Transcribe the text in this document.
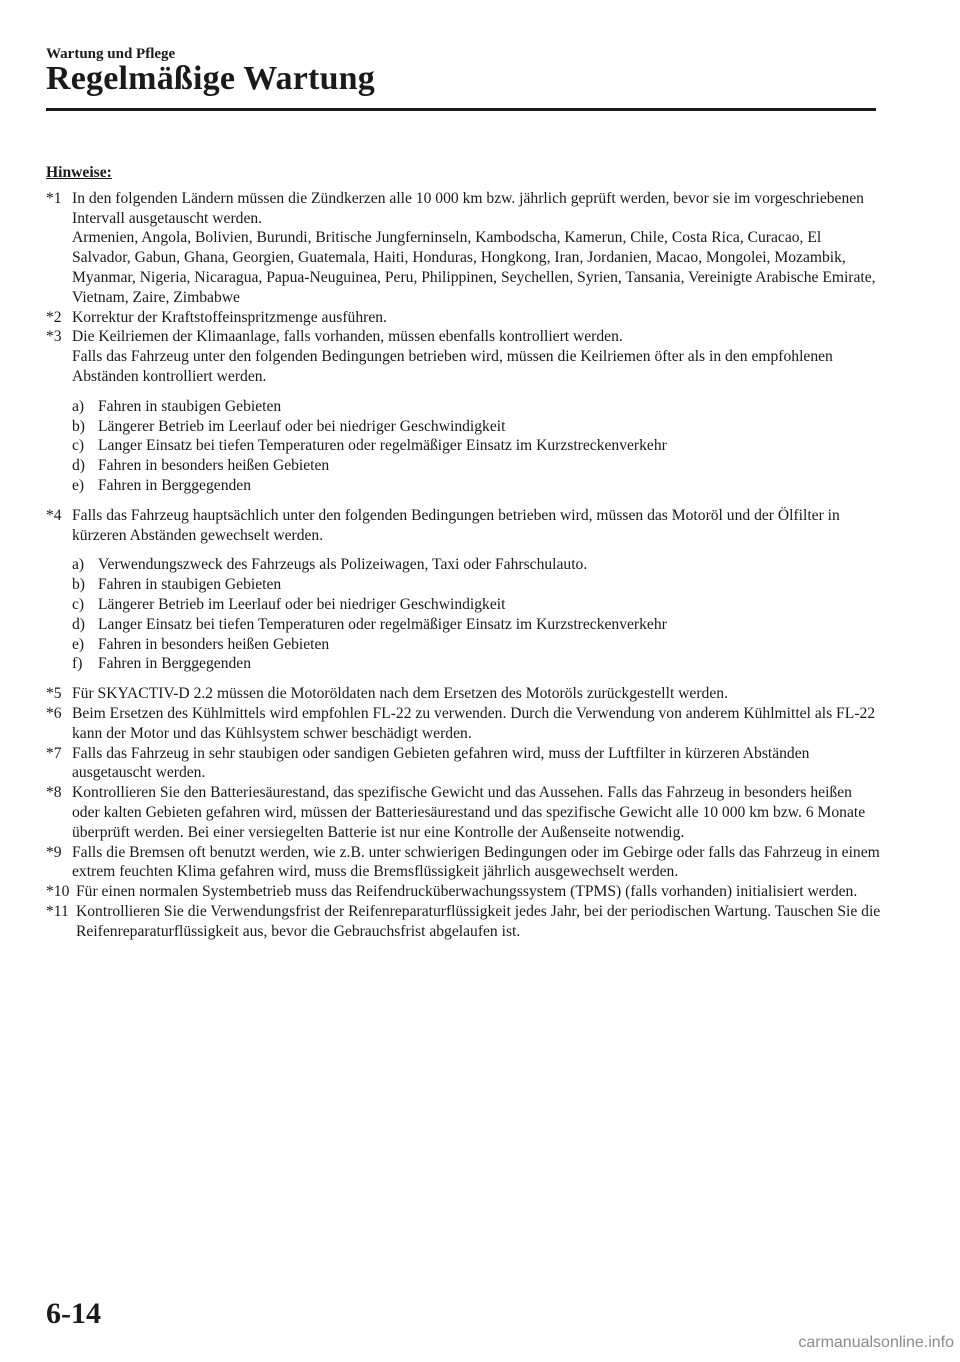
Wartung und Pflege
Regelmäßige Wartung
Hinweise:
*1 In den folgenden Ländern müssen die Zündkerzen alle 10 000 km bzw. jährlich geprüft werden, bevor sie im vorgeschriebenen Intervall ausgetauscht werden.

Armenien, Angola, Bolivien, Burundi, Britische Jungferninseln, Kambodscha, Kamerun, Chile, Costa Rica, Curacao, El Salvador, Gabun, Ghana, Georgien, Guatemala, Haiti, Honduras, Hongkong, Iran, Jordanien, Macao, Mongolei, Mozambik, Myanmar, Nigeria, Nicaragua, Papua-Neuguinea, Peru, Philippinen, Seychellen, Syrien, Tansania, Vereinigte Arabische Emirate, Vietnam, Zaire, Zimbabwe

*2 Korrektur der Kraftstoffeinspritzmenge ausführen.

*3 Die Keilriemen der Klimaanlage, falls vorhanden, müssen ebenfalls kontrolliert werden.

Falls das Fahrzeug unter den folgenden Bedingungen betrieben wird, müssen die Keilriemen öfter als in den empfohlenen Abständen kontrolliert werden.

a) Fahren in staubigen Gebieten
b) Längerer Betrieb im Leerlauf oder bei niedriger Geschwindigkeit
c) Langer Einsatz bei tiefen Temperaturen oder regelmäßiger Einsatz im Kurzstreckenverkehr
d) Fahren in besonders heißen Gebieten
e) Fahren in Berggegenden
*4 Falls das Fahrzeug hauptsächlich unter den folgenden Bedingungen betrieben wird, müssen das Motoröl und der Ölfilter in kürzeren Abständen gewechselt werden.

a) Verwendungszweck des Fahrzeugs als Polizeiwagen, Taxi oder Fahrschulauto.
b) Fahren in staubigen Gebieten
c) Längerer Betrieb im Leerlauf oder bei niedriger Geschwindigkeit
d) Langer Einsatz bei tiefen Temperaturen oder regelmäßiger Einsatz im Kurzstreckenverkehr
e) Fahren in besonders heißen Gebieten
f)	Fahren in Berggegenden
*5 Für SKYACTIV-D 2.2 müssen die Motoröldaten nach dem Ersetzen des Motoröls zurückgestellt werden.

*6 Beim Ersetzen des Kühlmittels wird empfohlen FL-22 zu verwenden. Durch die Verwendung von anderem Kühlmittel als FL-22 kann der Motor und das Kühlsystem schwer beschädigt werden.

*7 Falls das Fahrzeug in sehr staubigen oder sandigen Gebieten gefahren wird, muss der Luftfilter in kürzeren Abständen ausgetauscht werden.

*8 Kontrollieren Sie den Batteriesäurestand, das spezifische Gewicht und das Aussehen. Falls das Fahrzeug in besonders heißen oder kalten Gebieten gefahren wird, müssen der Batteriesäurestand und das spezifische Gewicht alle 10 000 km bzw. 6 Monate überprüft werden. Bei einer versiegelten Batterie ist nur eine Kontrolle der Außenseite notwendig.

*9 Falls die Bremsen oft benutzt werden, wie z.B. unter schwierigen Bedingungen oder im Gebirge oder falls das Fahrzeug in einem extrem feuchten Klima gefahren wird, muss die Bremsflüssigkeit jährlich ausgewechselt werden.

*10 Für einen normalen Systembetrieb muss das Reifendrucküberwachungssystem (TPMS) (falls vorhanden) initialisiert werden.

*11 Kontrollieren Sie die Verwendungsfrist der Reifenreparaturflüssigkeit jedes Jahr, bei der periodischen Wartung. Tauschen Sie die Reifenreparaturflüssigkeit aus, bevor die Gebrauchsfrist abgelaufen ist.

6-14
carmanualsonline.info
